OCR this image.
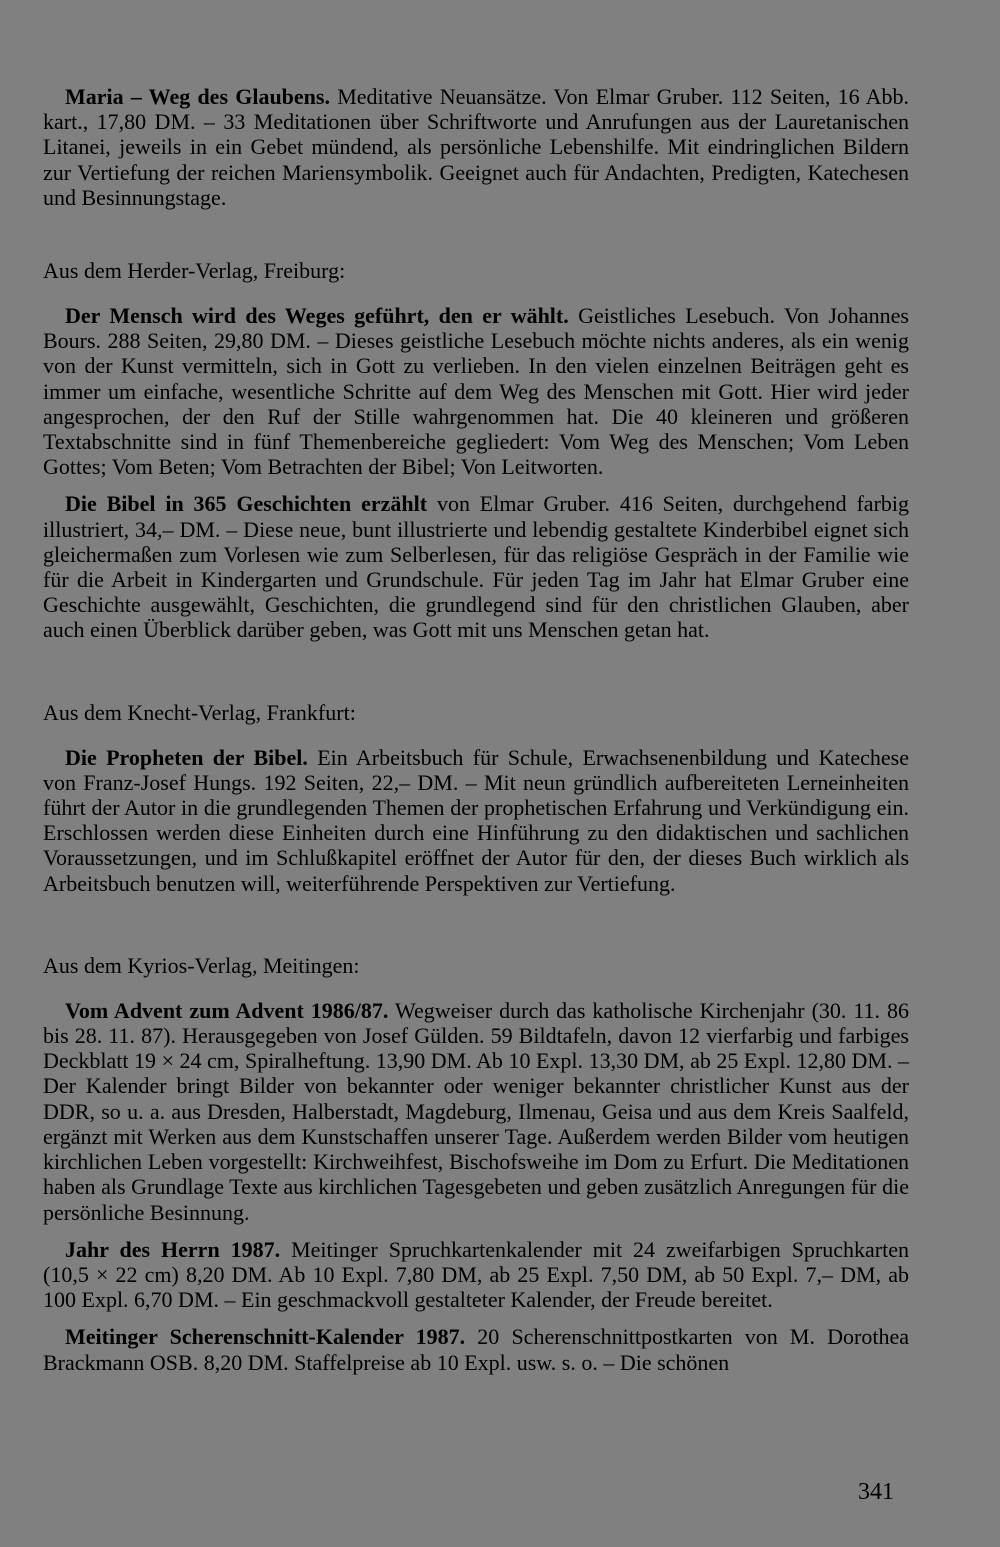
Maria – Weg des Glaubens. Meditative Neuansätze. Von Elmar Gruber. 112 Seiten, 16 Abb. kart., 17,80 DM. – 33 Meditationen über Schriftworte und Anrufungen aus der Lauretanischen Litanei, jeweils in ein Gebet mündend, als persönliche Lebenshilfe. Mit eindringlichen Bildern zur Vertiefung der reichen Mariensymbolik. Geeignet auch für Andachten, Predigten, Katechesen und Besinnungstage.

Aus dem Herder-Verlag, Freiburg:

Der Mensch wird des Weges geführt, den er wählt. Geistliches Lesebuch. Von Johannes Bours. 288 Seiten, 29,80 DM. – Dieses geistliche Lesebuch möchte nichts anderes, als ein wenig von der Kunst vermitteln, sich in Gott zu verlieben. In den vielen einzelnen Beiträgen geht es immer um einfache, wesentliche Schritte auf dem Weg des Menschen mit Gott. Hier wird jeder angesprochen, der den Ruf der Stille wahrgenommen hat. Die 40 kleineren und größeren Textabschnitte sind in fünf Themenbereiche gegliedert: Vom Weg des Menschen; Vom Leben Gottes; Vom Beten; Vom Betrachten der Bibel; Von Leitworten.

Die Bibel in 365 Geschichten erzählt von Elmar Gruber. 416 Seiten, durchgehend farbig illustriert, 34,– DM. – Diese neue, bunt illustrierte und lebendig gestaltete Kinderbibel eignet sich gleichermaßen zum Vorlesen wie zum Selberlesen, für das religiöse Gespräch in der Familie wie für die Arbeit in Kindergarten und Grundschule. Für jeden Tag im Jahr hat Elmar Gruber eine Geschichte ausgewählt, Geschichten, die grundlegend sind für den christlichen Glauben, aber auch einen Überblick darüber geben, was Gott mit uns Menschen getan hat.

Aus dem Knecht-Verlag, Frankfurt:

Die Propheten der Bibel. Ein Arbeitsbuch für Schule, Erwachsenenbildung und Katechese von Franz-Josef Hungs. 192 Seiten, 22,– DM. – Mit neun gründlich aufbereiteten Lerneinheiten führt der Autor in die grundlegenden Themen der prophetischen Erfahrung und Verkündigung ein. Erschlossen werden diese Einheiten durch eine Hinführung zu den didaktischen und sachlichen Voraussetzungen, und im Schlußkapitel eröffnet der Autor für den, der dieses Buch wirklich als Arbeitsbuch benutzen will, weiterführende Perspektiven zur Vertiefung.

Aus dem Kyrios-Verlag, Meitingen:

Vom Advent zum Advent 1986/87. Wegweiser durch das katholische Kirchenjahr (30. 11. 86 bis 28. 11. 87). Herausgegeben von Josef Gülden. 59 Bildtafeln, davon 12 vierfarbig und farbiges Deckblatt 19 × 24 cm, Spiralheftung. 13,90 DM. Ab 10 Expl. 13,30 DM, ab 25 Expl. 12,80 DM. – Der Kalender bringt Bilder von bekannter oder weniger bekannter christlicher Kunst aus der DDR, so u. a. aus Dresden, Halberstadt, Magdeburg, Ilmenau, Geisa und aus dem Kreis Saalfeld, ergänzt mit Werken aus dem Kunstschaffen unserer Tage. Außerdem werden Bilder vom heutigen kirchlichen Leben vorgestellt: Kirchweihfest, Bischofsweihe im Dom zu Erfurt. Die Meditationen haben als Grundlage Texte aus kirchlichen Tagesgebeten und geben zusätzlich Anregungen für die persönliche Besinnung.

Jahr des Herrn 1987. Meitinger Spruchkartenkalender mit 24 zweifarbigen Spruchkarten (10,5 × 22 cm) 8,20 DM. Ab 10 Expl. 7,80 DM, ab 25 Expl. 7,50 DM, ab 50 Expl. 7,– DM, ab 100 Expl. 6,70 DM. – Ein geschmackvoll gestalteter Kalender, der Freude bereitet.

Meitinger Scherenschnitt-Kalender 1987. 20 Scherenschnittpostkarten von M. Dorothea Brackmann OSB. 8,20 DM. Staffelpreise ab 10 Expl. usw. s. o. – Die schönen

341
